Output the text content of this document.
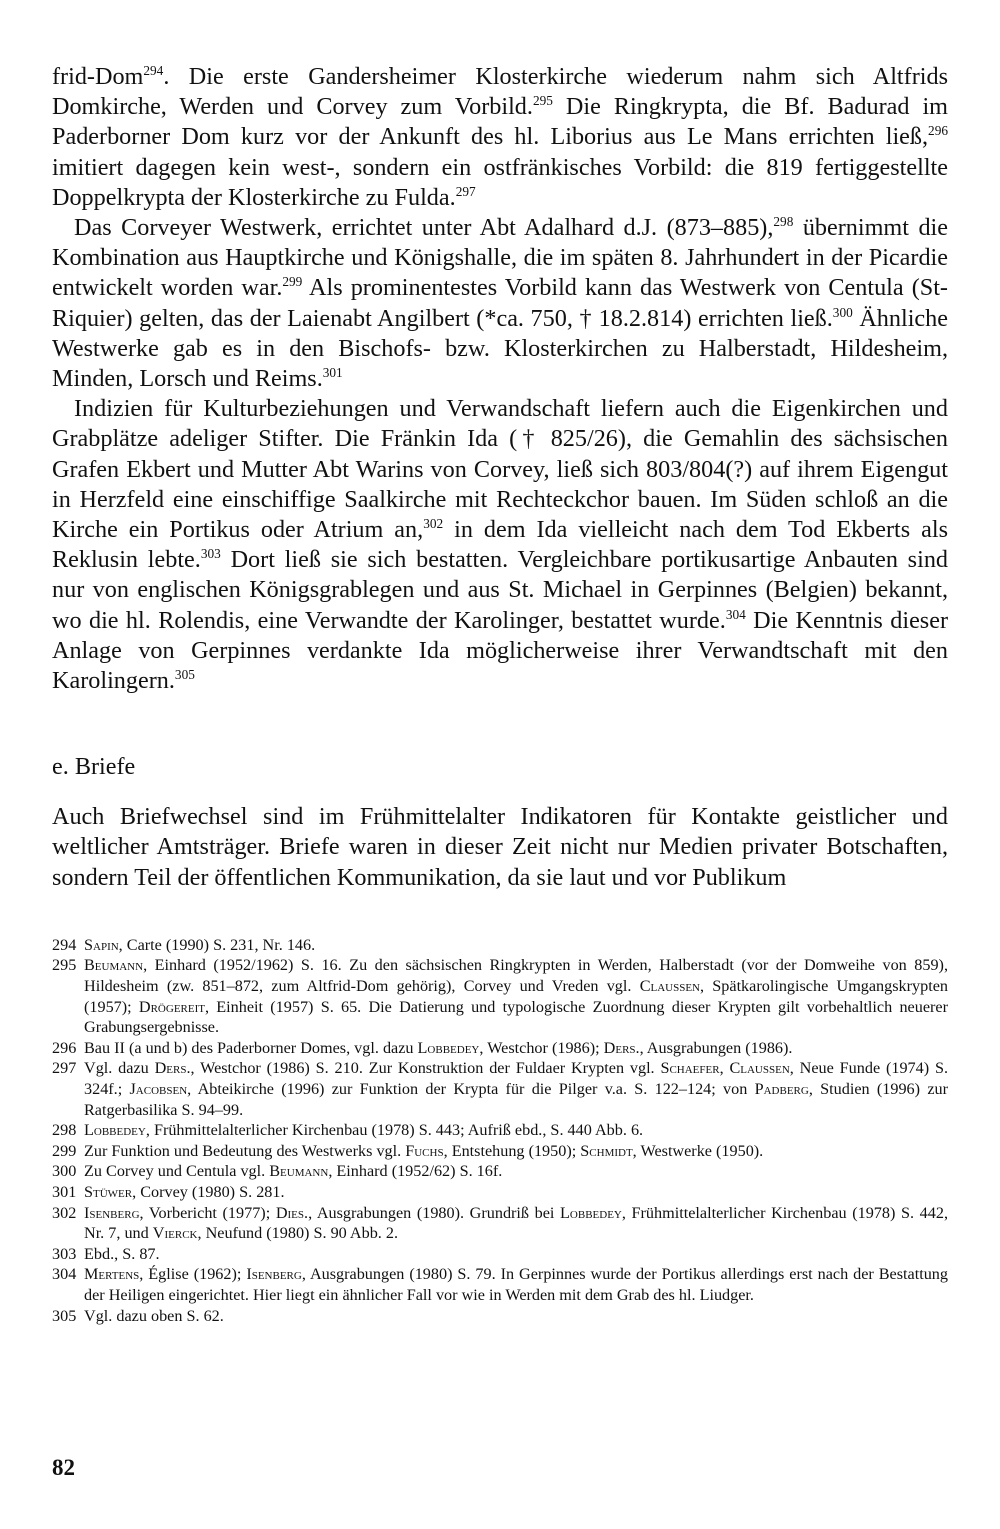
frid-Dom$^{294}$. Die erste Gandersheimer Klosterkirche wiederum nahm sich Altfrids Domkirche, Werden und Corvey zum Vorbild.$^{295}$ Die Ringkrypta, die Bf. Badurad im Paderborner Dom kurz vor der Ankunft des hl. Liborius aus Le Mans errichten ließ,$^{296}$ imitiert dagegen kein west-, sondern ein ostfränkisches Vorbild: die 819 fertiggestellte Doppelkrypta der Klosterkirche zu Fulda.$^{297}$

Das Corveyer Westwerk, errichtet unter Abt Adalhard d.J. (873–885),$^{298}$ übernimmt die Kombination aus Hauptkirche und Königshalle, die im späten 8. Jahrhundert in der Picardie entwickelt worden war.$^{299}$ Als prominentestes Vorbild kann das Westwerk von Centula (St-Riquier) gelten, das der Laienabt Angilbert (*ca. 750, † 18.2.814) errichten ließ.$^{300}$ Ähnliche Westwerke gab es in den Bischofs- bzw. Klosterkirchen zu Halberstadt, Hildesheim, Minden, Lorsch und Reims.$^{301}$

Indizien für Kulturbeziehungen und Verwandschaft liefern auch die Eigenkirchen und Grabplätze adeliger Stifter. Die Fränkin Ida († 825/26), die Gemahlin des sächsischen Grafen Ekbert und Mutter Abt Warins von Corvey, ließ sich 803/804(?) auf ihrem Eigengut in Herzfeld eine einschiffige Saalkirche mit Rechteckchor bauen. Im Süden schloß an die Kirche ein Portikus oder Atrium an,$^{302}$ in dem Ida vielleicht nach dem Tod Ekberts als Reklusin lebte.$^{303}$ Dort ließ sie sich bestatten. Vergleichbare portikusartige Anbauten sind nur von englischen Königsgrablegen und aus St. Michael in Gerpinnes (Belgien) bekannt, wo die hl. Rolendis, eine Verwandte der Karolinger, bestattet wurde.$^{304}$ Die Kenntnis dieser Anlage von Gerpinnes verdankte Ida möglicherweise ihrer Verwandtschaft mit den Karolingern.$^{305}$

e. Briefe

Auch Briefwechsel sind im Frühmittelalter Indikatoren für Kontakte geistlicher und weltlicher Amtsträger. Briefe waren in dieser Zeit nicht nur Medien privater Botschaften, sondern Teil der öffentlichen Kommunikation, da sie laut und vor Publikum

294 Sapin, Carte (1990) S. 231, Nr. 146.
295 Beumann, Einhard (1952/1962) S. 16. Zu den sächsischen Ringkrypten in Werden, Halberstadt (vor der Domweihe von 859), Hildesheim (zw. 851–872, zum Altfrid-Dom gehörig), Corvey und Vreden vgl. Claussen, Spätkarolingische Umgangskrypten (1957); Drögereit, Einheit (1957) S. 65. Die Datierung und typologische Zuordnung dieser Krypten gilt vorbehaltlich neuerer Grabungsergebnisse.
296 Bau II (a und b) des Paderborner Domes, vgl. dazu Lobbedey, Westchor (1986); Ders., Ausgrabungen (1986).
297 Vgl. dazu Ders., Westchor (1986) S. 210. Zur Konstruktion der Fuldaer Krypten vgl. Schaefer, Claussen, Neue Funde (1974) S. 324f.; Jacobsen, Abteikirche (1996) zur Funktion der Krypta für die Pilger v.a. S. 122–124; von Padberg, Studien (1996) zur Ratgerbasilika S. 94–99.
298 Lobbedey, Frühmittelalterlicher Kirchenbau (1978) S. 443; Aufriß ebd., S. 440 Abb. 6.
299 Zur Funktion und Bedeutung des Westwerks vgl. Fuchs, Entstehung (1950); Schmidt, Westwerke (1950).
300 Zu Corvey und Centula vgl. Beumann, Einhard (1952/62) S. 16f.
301 Stüwer, Corvey (1980) S. 281.
302 Isenberg, Vorbericht (1977); Dies., Ausgrabungen (1980). Grundriß bei Lobbedey, Frühmittelalterlicher Kirchenbau (1978) S. 442, Nr. 7, und Vierck, Neufund (1980) S. 90 Abb. 2.
303 Ebd., S. 87.
304 Mertens, Église (1962); Isenberg, Ausgrabungen (1980) S. 79. In Gerpinnes wurde der Portikus allerdings erst nach der Bestattung der Heiligen eingerichtet. Hier liegt ein ähnlicher Fall vor wie in Werden mit dem Grab des hl. Liudger.
305 Vgl. dazu oben S. 62.
82
